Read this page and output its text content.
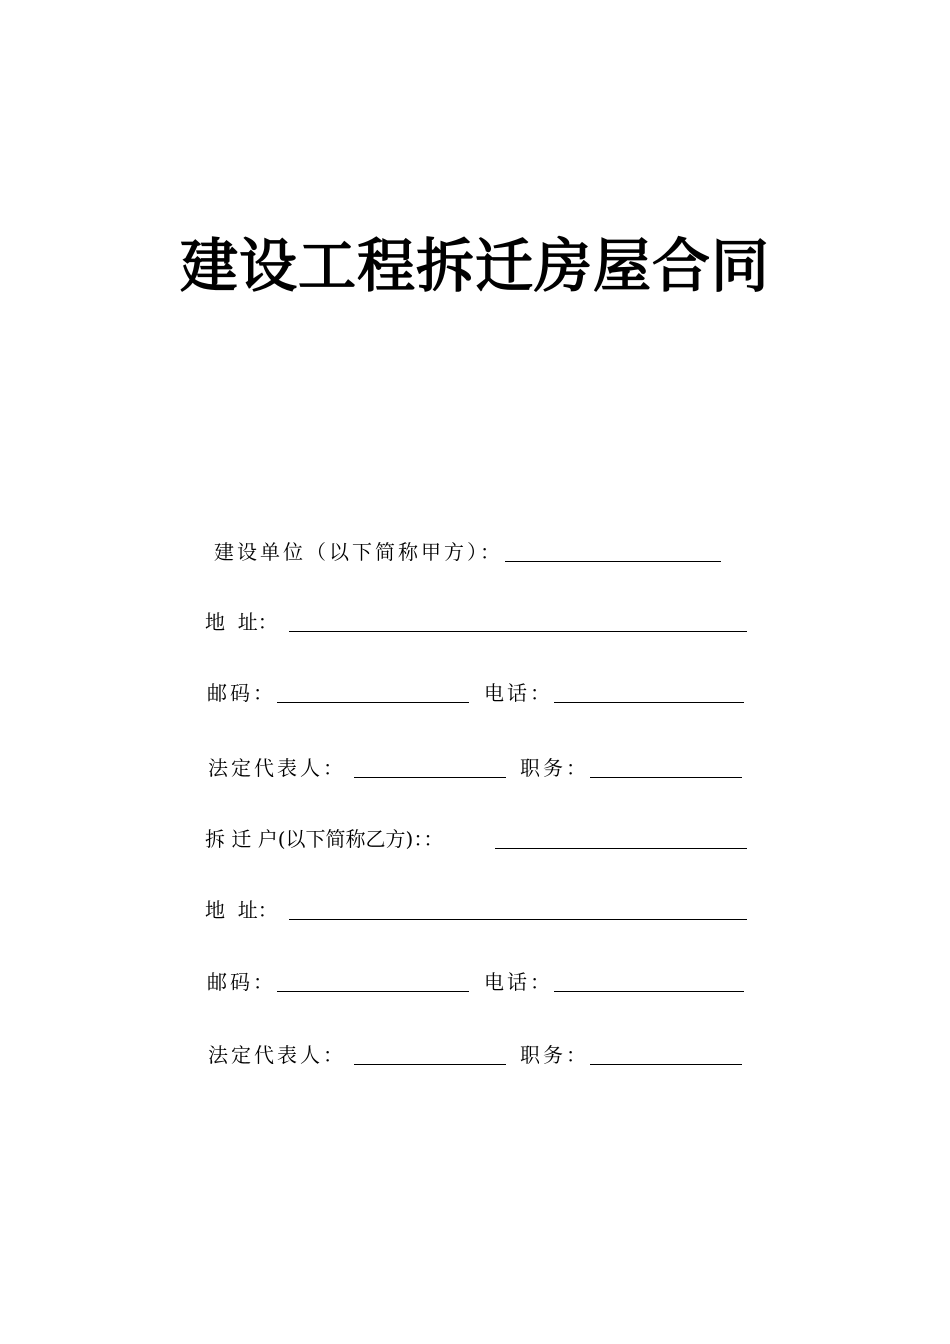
建设工程拆迁房屋合同
建设单位（以下简称甲方）：
地  址：
邮码：	电话：
法定代表人：	职务：
拆 迁 户(以下简称乙方)：：
地  址：
邮码：	电话：
法定代表人：	职务：
